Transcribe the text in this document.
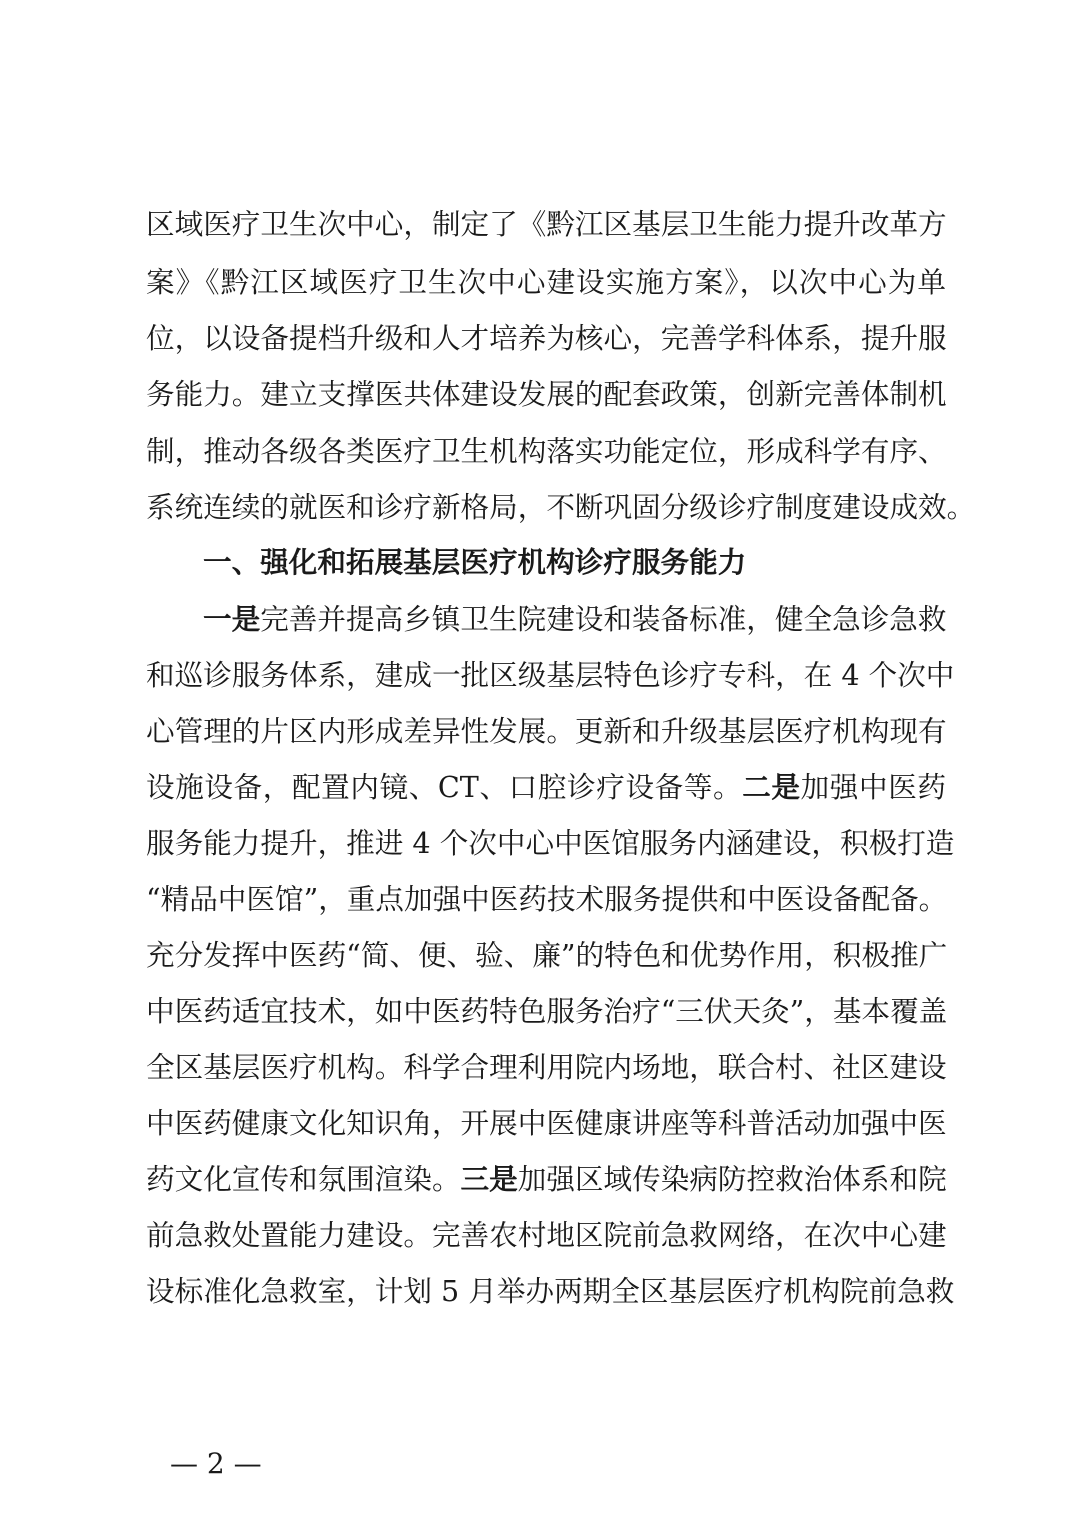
区域医疗卫生次中心，制定了《黔江区基层卫生能力提升改革方
案》《黔江区域医疗卫生次中心建设实施方案》，以次中心为单
位，以设备提档升级和人才培养为核心，完善学科体系，提升服
务能力。建立支撑医共体建设发展的配套政策，创新完善体制机
制，推动各级各类医疗卫生机构落实功能定位，形成科学有序、
系统连续的就医和诊疗新格局，不断巩固分级诊疗制度建设成效。
一、强化和拓展基层医疗机构诊疗服务能力
一是完善并提高乡镇卫生院建设和装备标准，健全急诊急救
和巡诊服务体系，建成一批区级基层特色诊疗专科，在 4 个次中
心管理的片区内形成差异性发展。更新和升级基层医疗机构现有
设施设备，配置内镜、CT、口腔诊疗设备等。二是加强中医药
服务能力提升，推进 4 个次中心中医馆服务内涵建设，积极打造
“精品中医馆”，重点加强中医药技术服务提供和中医设备配备。
充分发挥中医药“简、便、验、廉”的特色和优势作用，积极推广
中医药适宜技术，如中医药特色服务治疗“三伏天灸”，基本覆盖
全区基层医疗机构。科学合理利用院内场地，联合村、社区建设
中医药健康文化知识角，开展中医健康讲座等科普活动加强中医
药文化宣传和氛围渲染。三是加强区域传染病防控救治体系和院
前急救处置能力建设。完善农村地区院前急救网络，在次中心建
设标准化急救室，计划 5 月举办两期全区基层医疗机构院前急救
— 2 —
